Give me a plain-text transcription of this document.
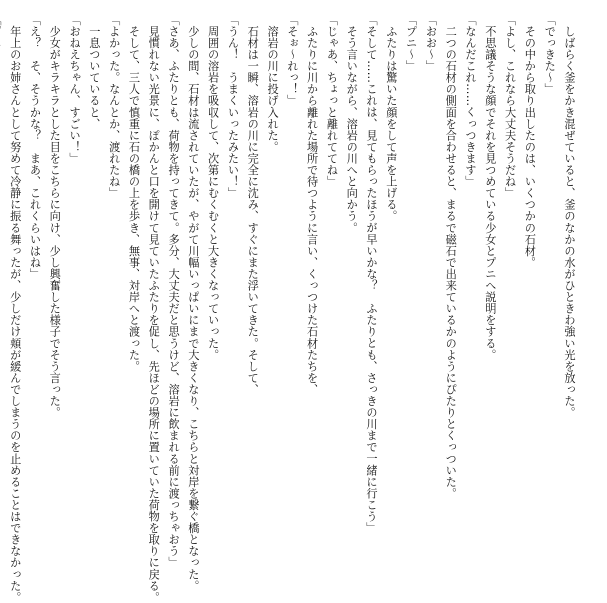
　しばらく釜をかき混ぜていると、釜のなかの水がひときわ強い光を放った。

「でっきた〜」

　その中から取り出したのは、いくつかの石材。

「よし、これなら大丈夫そうだね」

　不思議そうな顔でそれを見つめている少女とプニへ説明をする。

「なんだこれ……くっつきます」

　二つの石材の側面を合わせると、まるで磁石で出来ているかのようにぴたりとくっついた。

「おお〜」

「プニ〜」

　ふたりは驚いた顔をして声を上げる。

「そして……これは、見てもらったほうが早いかな？　ふたりとも、さっきの川まで一緒に行こう」

　そう言いながら、溶岩の川へと向かう。

「じゃあ、ちょっと離れててね」

　ふたりに川から離れた場所で待つように言い、くっつけた石材たちを、

「そぉ〜れっ！」

　溶岩の川に投げ入れた。

　石材は一瞬、溶岩の川に完全に沈み、すぐにまた浮いてきた。そして、

「うん！　うまくいったみたい！」

　周囲の溶岩を吸収して、次第にむくむくと大きくなっていった。

　少しの間、石材は流されていたが、やがて川幅いっぱいにまで大きくなり、こちらと対岸を繋ぐ橋となった。

「さあ、ふたりとも、荷物を持ってきて。多分、大丈夫だと思うけど、溶岩に飲まれる前に渡っちゃおう」

　見慣れない光景に、ぽかんと口を開けて見ていたふたりを促し、先ほどの場所に置いていた荷物を取りに戻る。

　そして、三人で慎重に石の橋の上を歩き、無事、対岸へと渡った。

「よかった。なんとか、渡れたね」

　一息ついていると、

「おねえちゃん、すごい！」

　少女がキラキラとした目をこちらに向け、少し興奮した様子でそう言った。

「え？　そ、そうかな？　まあ、これくらいはね」

　年上のお姉さんとして努めて冷静に振る舞ったが、少しだけ頬が緩んでしまうのを止めることはできなかった。
